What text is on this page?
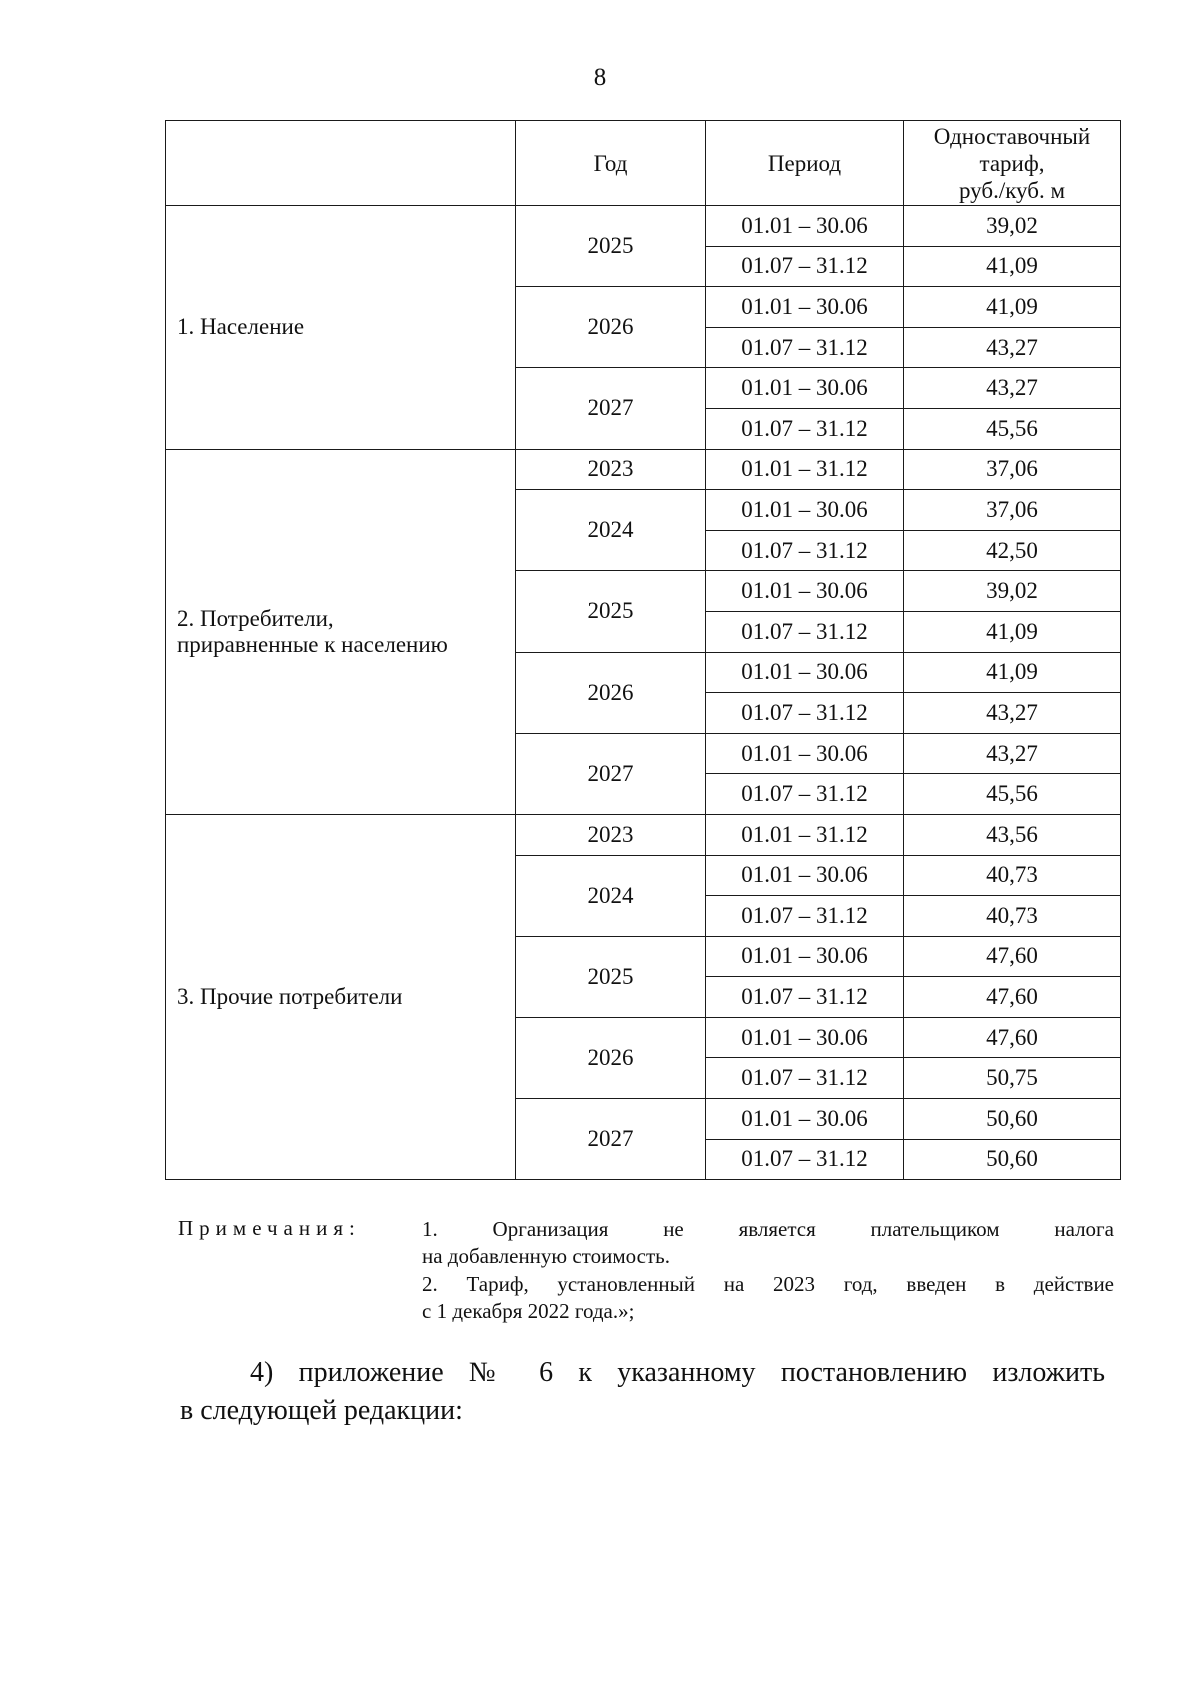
8
	Год	Период	Одноставочный
тариф,
руб./куб. м
1. Население	2025	01.01 – 30.06	39,02
		01.07 – 31.12	41,09
	2026	01.01 – 30.06	41,09
		01.07 – 31.12	43,27
	2027	01.01 – 30.06	43,27
		01.07 – 31.12	45,56
2. Потребители,
приравненные к населению	2023	01.01 – 31.12	37,06
	2024	01.01 – 30.06	37,06
		01.07 – 31.12	42,50
	2025	01.01 – 30.06	39,02
		01.07 – 31.12	41,09
	2026	01.01 – 30.06	41,09
		01.07 – 31.12	43,27
	2027	01.01 – 30.06	43,27
		01.07 – 31.12	45,56
3. Прочие потребители	2023	01.01 – 31.12	43,56
	2024	01.01 – 30.06	40,73
		01.07 – 31.12	40,73
	2025	01.01 – 30.06	47,60
		01.07 – 31.12	47,60
	2026	01.01 – 30.06	47,60
		01.07 – 31.12	50,75
	2027	01.01 – 30.06	50,60
		01.07 – 31.12	50,60
Примечания:	1. Организация не является плательщиком налога
на добавленную стоимость.
2. Тариф, установленный на 2023 год, введен в действие
с 1 декабря 2022 года.»;
4) приложение № 6 к указанному постановлению изложить
в следующей редакции:
